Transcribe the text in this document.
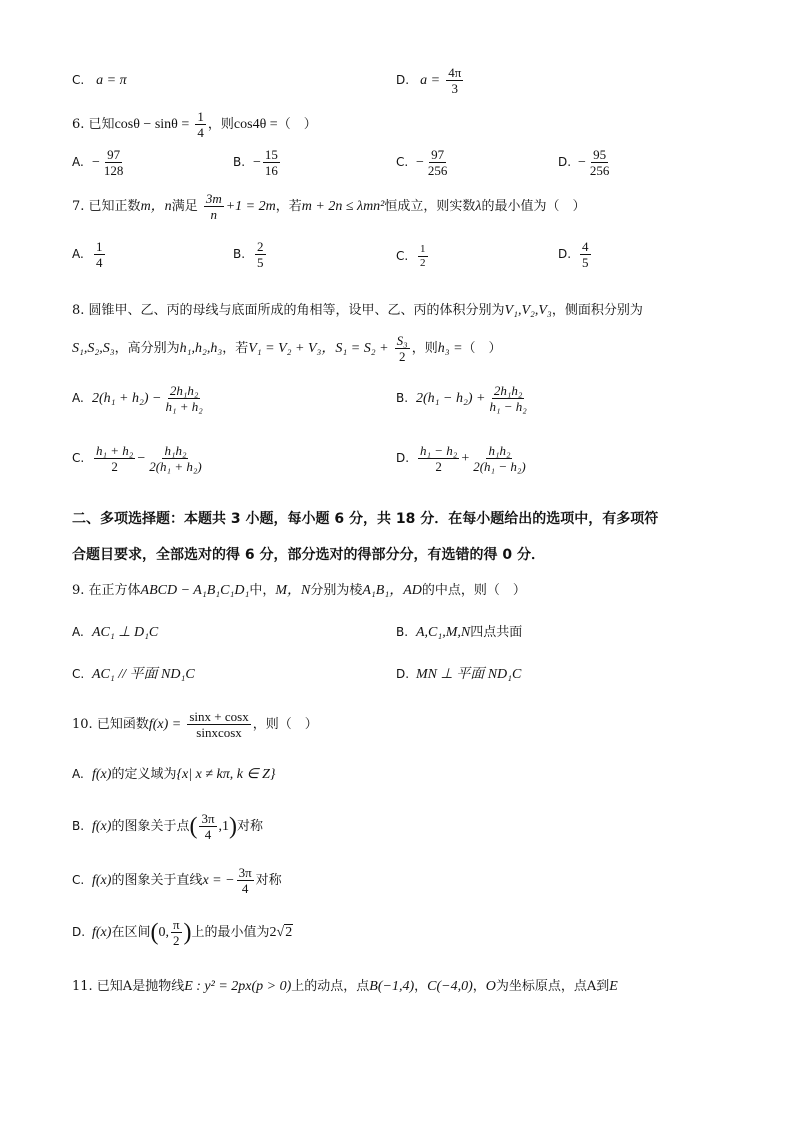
C. a = π	D. $a = \frac{4\pi}{3}$
6. 已知$\cos\theta - \sin\theta = \frac{1}{4}$ ，则cos4θ =（　）
A. − $\frac{97}{128}$	B. − $\frac{15}{16}$	C. − $\frac{97}{256}$	D. − $\frac{95}{256}$
7. 已知正数m，n满足 $\frac{3m}{n} +1 = 2m$，若m + 2n ≤ λmn²恒成立，则实数λ的最小值为（　）
A. $\frac{1}{4}$	B. $\frac{2}{5}$	C. $\frac{1}{2}$	D. $\frac{4}{5}$
8. 圆锥甲、乙、丙的母线与底面所成的角相等，设甲、乙、丙的体积分别为V₁,V₂,V₃，侧面积分别为
S₁,S₂,S₃，高分别为h₁,h₂,h₃，若V₁ = V₂ + V₃，$S_1 = S_2 + \frac{\text{S₃}}{2}$ ，则h₃ =（　）
A. $2(h_1 + h_2) - \frac{\text{2h₁h₂}}{\text{h₁ + h₂}}$	B. $2(h_1 - h_2) + \frac{\text{2h₁h₂}}{\text{h₁ − h₂}}$
C. $\frac{\text{h₁ + h₂}}{2} - \frac{\text{h₁h₂}}{\text{2(h₁ + h₂)}}$	D. $\frac{\text{h₁ − h₂}}{2} + \frac{\text{h₁h₂}}{\text{2(h₁ − h₂)}}$
二、多项选择题：本题共 3 小题，每小题 6 分，共 18 分．在每小题给出的选项中，有多项符
合题目要求，全部选对的得 6 分，部分选对的得部分分，有选错的得 0 分．
9. 在正方体ABCD − A₁B₁C₁D₁中，M，N分别为棱A₁B₁，AD的中点，则（　）
A. AC₁ ⊥ D₁C	B. A,C₁,M,N四点共面
C. AC₁ // 平面 ND₁C	D. MN ⊥ 平面 ND₁C
10. 已知函数$f(x) = \frac{\sin x + \cos x}{\text{sinxcosx}}$ ，则（　）
A. f(x)的定义域为{x| x ≠ kπ, k ∈ Z}
B. f(x)的图象关于点( $\frac{3\pi}{4} ,1$)对称
C. f(x)的图象关于直线x = − $\frac{3\pi}{4}$ 对称
D. f(x)在区间(0, $\frac{\pi}{2}$ )上的最小值为2√2
11. 已知A是抛物线E : y² = 2px(p > 0)上的动点，点B(−1,4)，C(−4,0)，O为坐标原点，点A到E
